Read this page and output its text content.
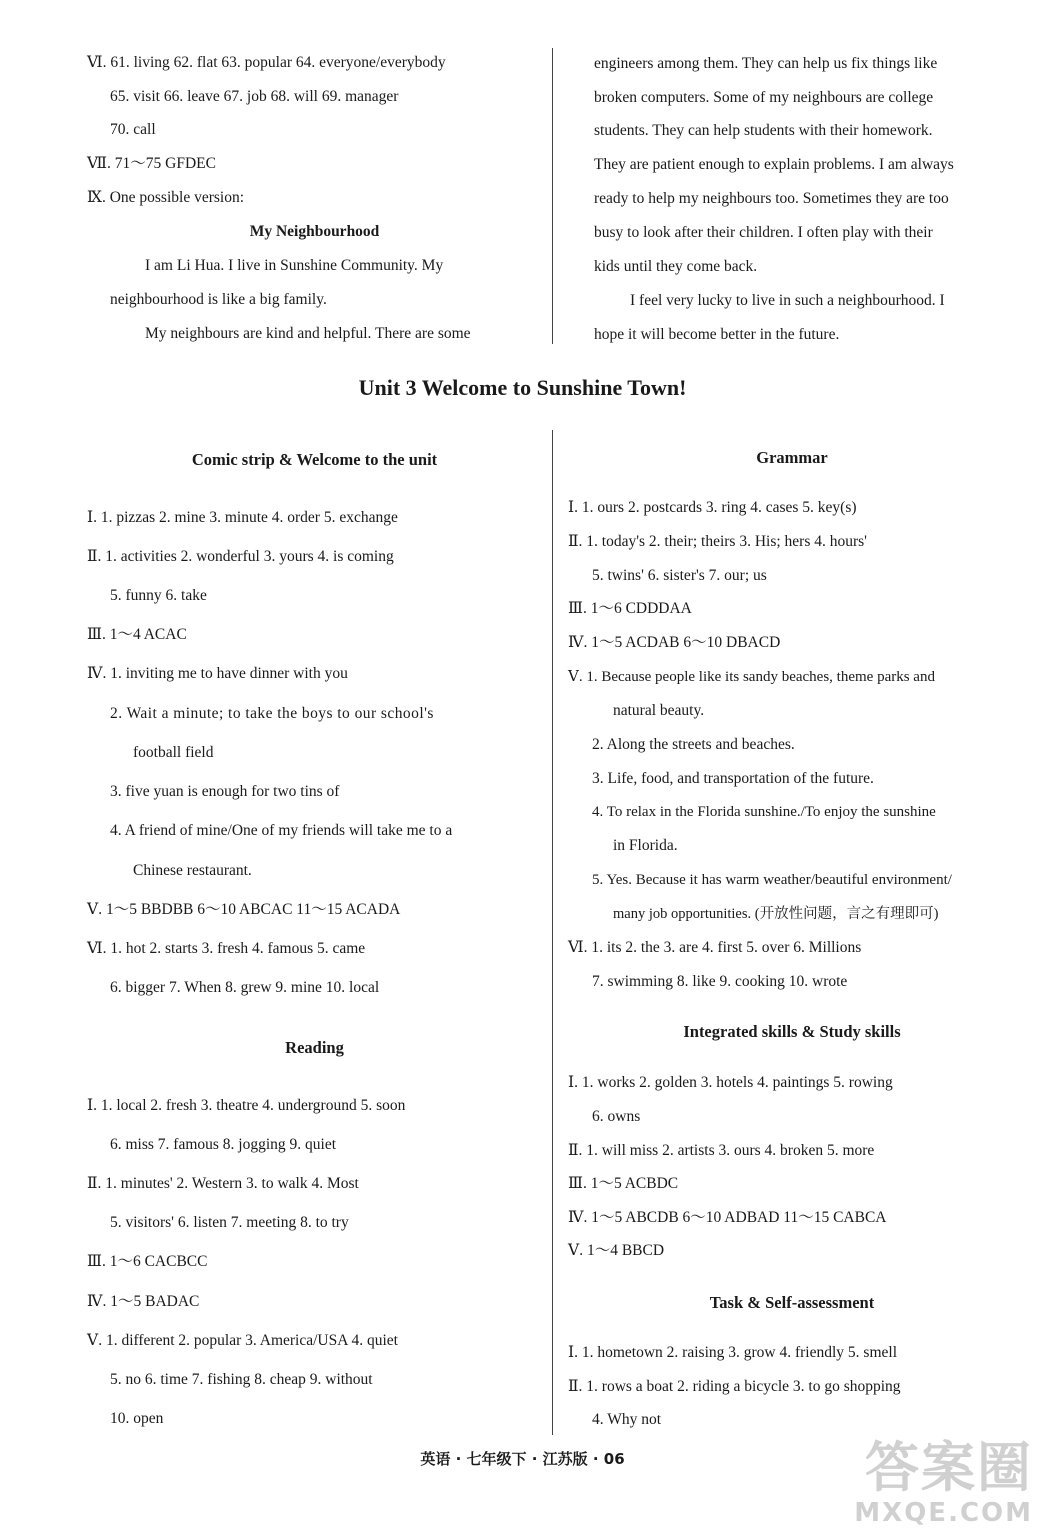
Ⅵ. 61. living 62. flat 63. popular 64. everyone/everybody
65. visit 66. leave 67. job 68. will 69. manager
70. call
Ⅶ. 71～75 GFDEC
Ⅸ. One possible version:
My Neighbourhood
I am Li Hua. I live in Sunshine Community. My
neighbourhood is like a big family.
My neighbours are kind and helpful. There are some
engineers among them. They can help us fix things like
broken computers. Some of my neighbours are college
students. They can help students with their homework.
They are patient enough to explain problems. I am always
ready to help my neighbours too. Sometimes they are too
busy to look after their children. I often play with their
kids until they come back.
I feel very lucky to live in such a neighbourhood. I
hope it will become better in the future.
Unit 3 Welcome to Sunshine Town!
Comic strip & Welcome to the unit
Ⅰ. 1. pizzas 2. mine 3. minute 4. order 5. exchange
Ⅱ. 1. activities 2. wonderful 3. yours 4. is coming
5. funny 6. take
Ⅲ. 1～4 ACAC
Ⅳ. 1. inviting me to have dinner with you
2. Wait a minute; to take the boys to our school's
football field
3. five yuan is enough for two tins of
4. A friend of mine/One of my friends will take me to a
Chinese restaurant.
Ⅴ. 1～5 BBDBB 6～10 ABCAC 11～15 ACADA
Ⅵ. 1. hot 2. starts 3. fresh 4. famous 5. came
6. bigger 7. When 8. grew 9. mine 10. local
Reading
Ⅰ. 1. local 2. fresh 3. theatre 4. underground 5. soon
6. miss 7. famous 8. jogging 9. quiet
Ⅱ. 1. minutes' 2. Western 3. to walk 4. Most
5. visitors' 6. listen 7. meeting 8. to try
Ⅲ. 1～6 CACBCC
Ⅳ. 1～5 BADAC
Ⅴ. 1. different 2. popular 3. America/USA 4. quiet
5. no 6. time 7. fishing 8. cheap 9. without
10. open
Grammar
Ⅰ. 1. ours 2. postcards 3. ring 4. cases 5. key(s)
Ⅱ. 1. today's 2. their; theirs 3. His; hers 4. hours'
5. twins' 6. sister's 7. our; us
Ⅲ. 1～6 CDDDAA
Ⅳ. 1～5 ACDAB 6～10 DBACD
Ⅴ. 1. Because people like its sandy beaches, theme parks and
natural beauty.
2. Along the streets and beaches.
3. Life, food, and transportation of the future.
4. To relax in the Florida sunshine./To enjoy the sunshine
in Florida.
5. Yes. Because it has warm weather/beautiful environment/
many job opportunities. (开放性问题，言之有理即可)
Ⅵ. 1. its 2. the 3. are 4. first 5. over 6. Millions
7. swimming 8. like 9. cooking 10. wrote
Integrated skills & Study skills
Ⅰ. 1. works 2. golden 3. hotels 4. paintings 5. rowing
6. owns
Ⅱ. 1. will miss 2. artists 3. ours 4. broken 5. more
Ⅲ. 1～5 ACBDC
Ⅳ. 1～5 ABCDB 6～10 ADBAD 11～15 CABCA
Ⅴ. 1～4 BBCD
Task & Self-assessment
Ⅰ. 1. hometown 2. raising 3. grow 4. friendly 5. smell
Ⅱ. 1. rows a boat 2. riding a bicycle 3. to go shopping
4. Why not
英语 · 七年级下 · 江苏版 · 06	答案圈
MXQE.COM
